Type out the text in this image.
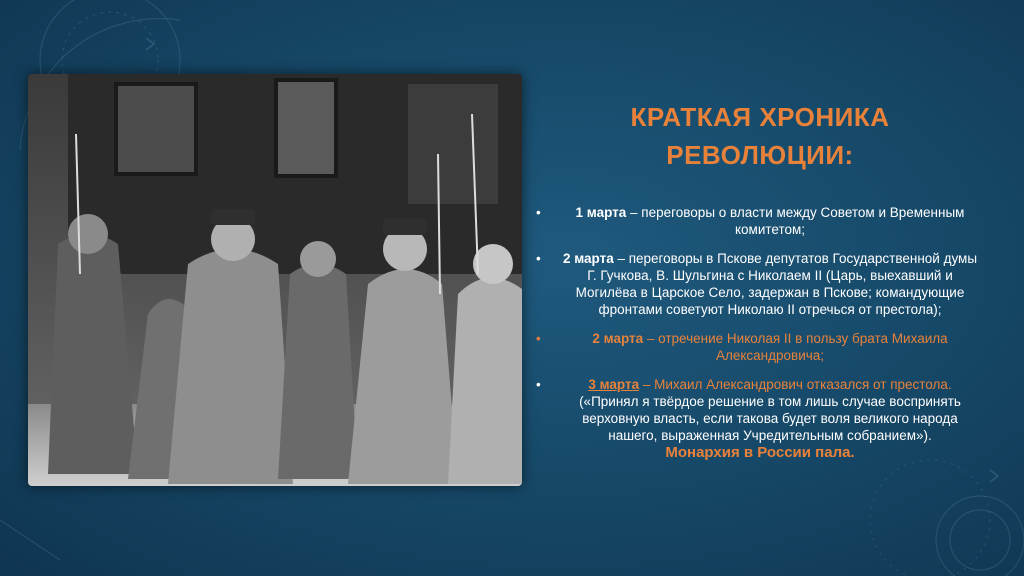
КРАТКАЯ ХРОНИКА
РЕВОЛЮЦИИ:
•	1 марта – переговоры о власти между Советом и Временным комитетом;
•	2 марта – переговоры в Пскове депутатов Государственной думы Г. Гучкова, В. Шульгина с Николаем II (Царь, выехавший и Могилёва в Царское Село, задержан в Пскове; командующие фронтами советуют Николаю II отречься от престола);
•	2 марта – отречение Николая II в пользу брата Михаила Александровича;
•	3 марта – Михаил Александрович отказался от престола.
(«Принял я твёрдое решение в том лишь случае воспринять верховную власть, если такова будет воля великого народа нашего, выраженная Учредительным собранием»).

Монархия в России пала.
